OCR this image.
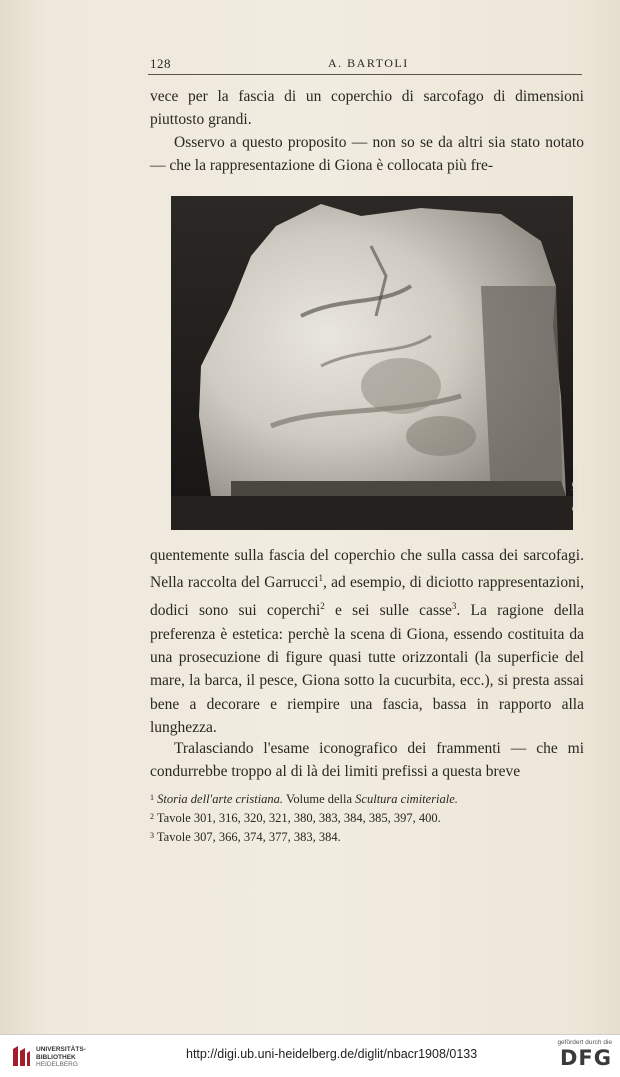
128	A. BARTOLI

vece per la fascia di un coperchio di sarcofago di dimensioni piuttosto grandi.

Osservo a questo proposito — non so se da altri sia stato notato — che la rappresentazione di Giona è collocata più fre-

Danesi-Roma

quentemente sulla fascia del coperchio che sulla cassa dei sarcofagi. Nella raccolta del Garrucci$^1$, ad esempio, di diciotto rappresentazioni, dodici sono sui coperchi$^2$ e sei sulle casse$^3$. La ragione della preferenza è estetica: perchè la scena di Giona, essendo costituita da una prosecuzione di figure quasi tutte orizzontali (la superficie del mare, la barca, il pesce, Giona sotto la cucurbita, ecc.), si presta assai bene a decorare e riempire una fascia, bassa in rapporto alla lunghezza.

Tralasciando l'esame iconografico dei frammenti — che mi condurrebbe troppo al di là dei limiti prefissi a questa breve

$^1$ Storia dell'arte cristiana. Volume della Scultura cimiteriale.

$^2$ Tavole 301, 316, 320, 321, 380, 383, 384, 385, 397, 400.

$^3$ Tavole 307, 366, 374, 377, 383, 384.

UNIVERSITÄTS-
BIBLIOTHEK
HEIDELBERG
http://digi.ub.uni-heidelberg.de/diglit/nbacr1908/0133
gefördert durch die
DFG
